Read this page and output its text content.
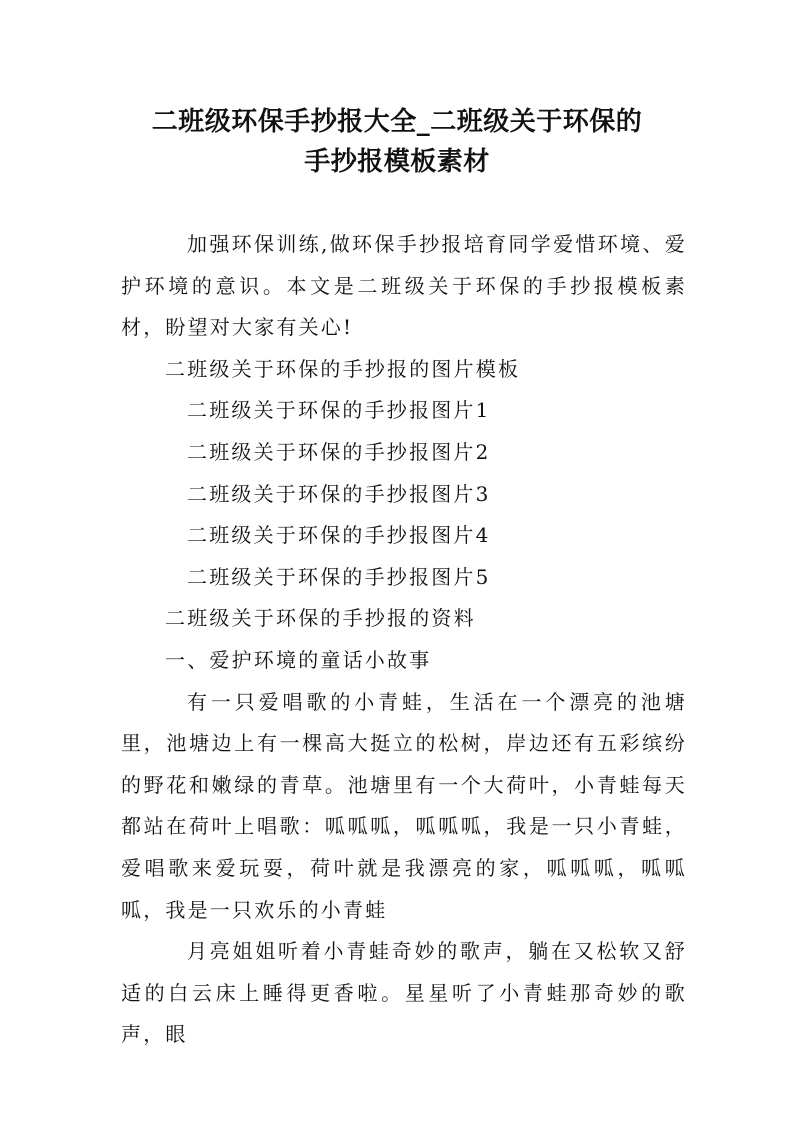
二班级环保手抄报大全_二班级关于环保的
手抄报模板素材

加强环保训练,做环保手抄报培育同学爱惜环境、爱护环境的意识。本文是二班级关于环保的手抄报模板素材，盼望对大家有关心!

二班级关于环保的手抄报的图片模板

二班级关于环保的手抄报图片1

二班级关于环保的手抄报图片2

二班级关于环保的手抄报图片3

二班级关于环保的手抄报图片4

二班级关于环保的手抄报图片5

二班级关于环保的手抄报的资料

一、爱护环境的童话小故事

有一只爱唱歌的小青蛙，生活在一个漂亮的池塘里，池塘边上有一棵高大挺立的松树，岸边还有五彩缤纷的野花和嫩绿的青草。池塘里有一个大荷叶，小青蛙每天都站在荷叶上唱歌：呱呱呱，呱呱呱，我是一只小青蛙，爱唱歌来爱玩耍，荷叶就是我漂亮的家，呱呱呱，呱呱呱，我是一只欢乐的小青蛙

月亮姐姐听着小青蛙奇妙的歌声，躺在又松软又舒适的白云床上睡得更香啦。星星听了小青蛙那奇妙的歌声，眼
